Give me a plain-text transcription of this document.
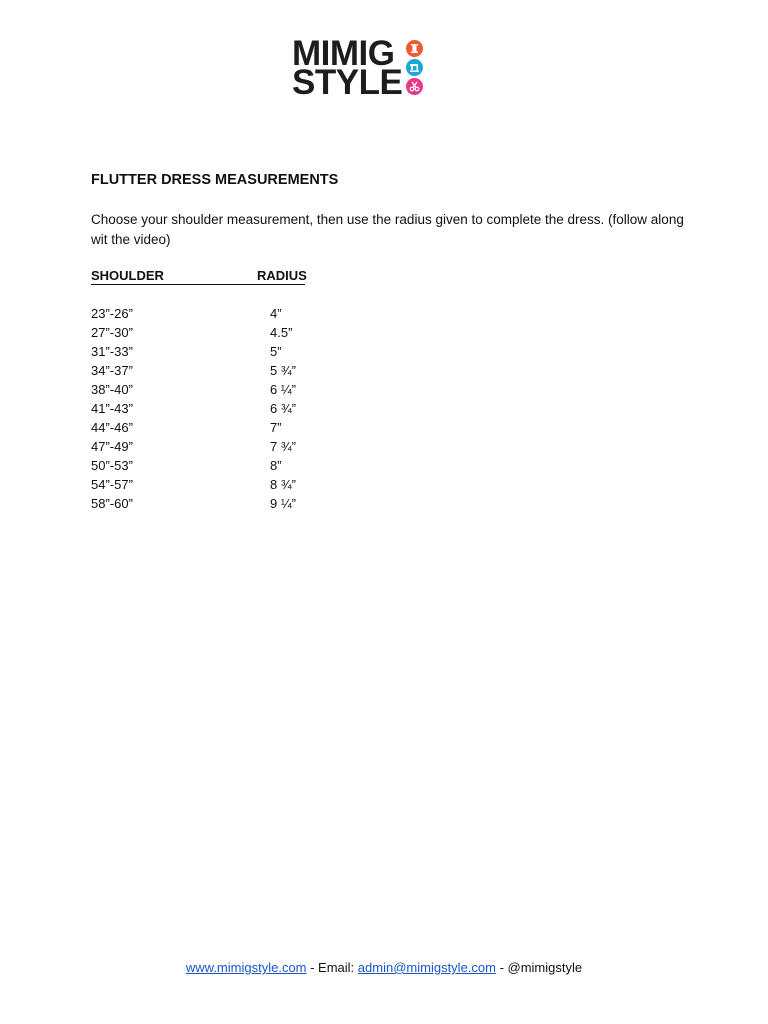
MIMIG
STYLE
FLUTTER DRESS MEASUREMENTS
Choose your shoulder measurement, then use the radius given to complete the dress. (follow along wit the video)
SHOULDER	RADIUS
23”-26”	4”
27”-30”	4.5”
31”-33”	5”
34”-37”	5 ¾”
38”-40”	6 ¼”
41”-43”	6 ¾”
44”-46”	7”
47”-49”	7 ¾”
50”-53”	8”
54”-57”	8 ¾”
58”-60”	9 ¼”
www.mimigstyle.com - Email: admin@mimigstyle.com - @mimigstyle
